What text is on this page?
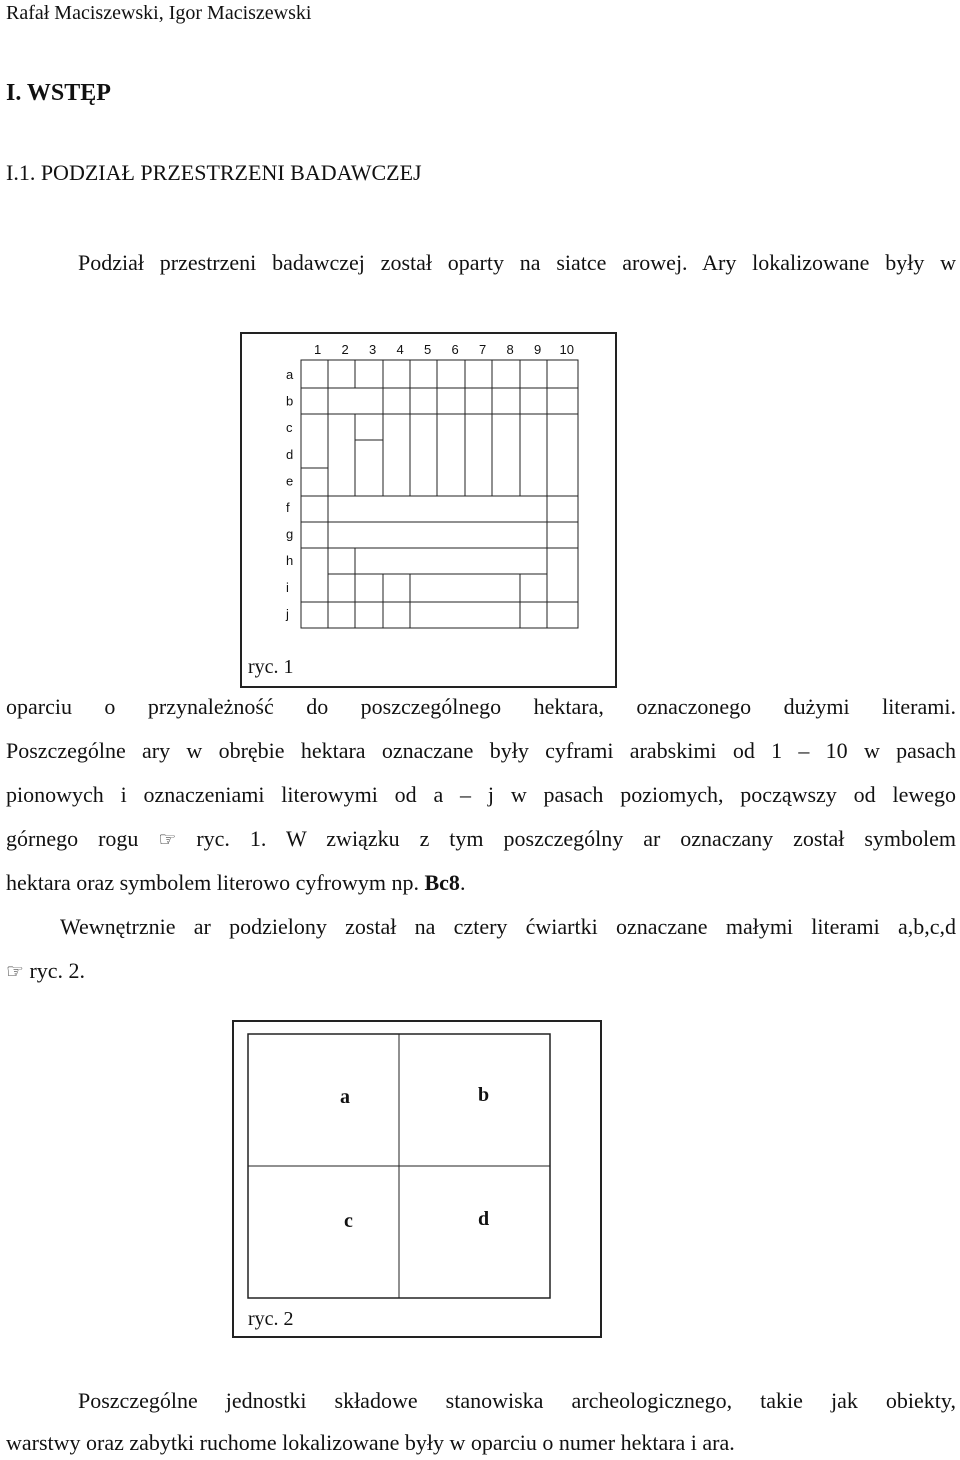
Rafał Maciszewski, Igor Maciszewski
I. WSTĘP
I.1. PODZIAŁ PRZESTRZENI BADAWCZEJ
Podział przestrzeni badawczej został oparty na siatce arowej. Ary lokalizowane były w
1 2 3 4 5 6 7 8 9 10
a
b
c
d
e
f
g
h
i
j
ryc. 1
oparciu o przynależność do poszczególnego hektara, oznaczonego dużymi literami.
Poszczególne ary w obrębie hektara oznaczane były cyframi arabskimi od 1 – 10 w pasach
pionowych i oznaczeniami literowymi od a – j w pasach poziomych, począwszy od lewego
górnego rogu ☞ ryc. 1. W związku z tym poszczególny ar oznaczany został symbolem
hektara oraz symbolem literowo cyfrowym np. Bc8.
Wewnętrznie ar podzielony został na cztery ćwiartki oznaczane małymi literami a,b,c,d
☞ ryc. 2.
a	b
c	d
ryc. 2
Poszczególne jednostki składowe stanowiska archeologicznego, takie jak obiekty,
warstwy oraz zabytki ruchome lokalizowane były w oparciu o numer hektara i ara.
